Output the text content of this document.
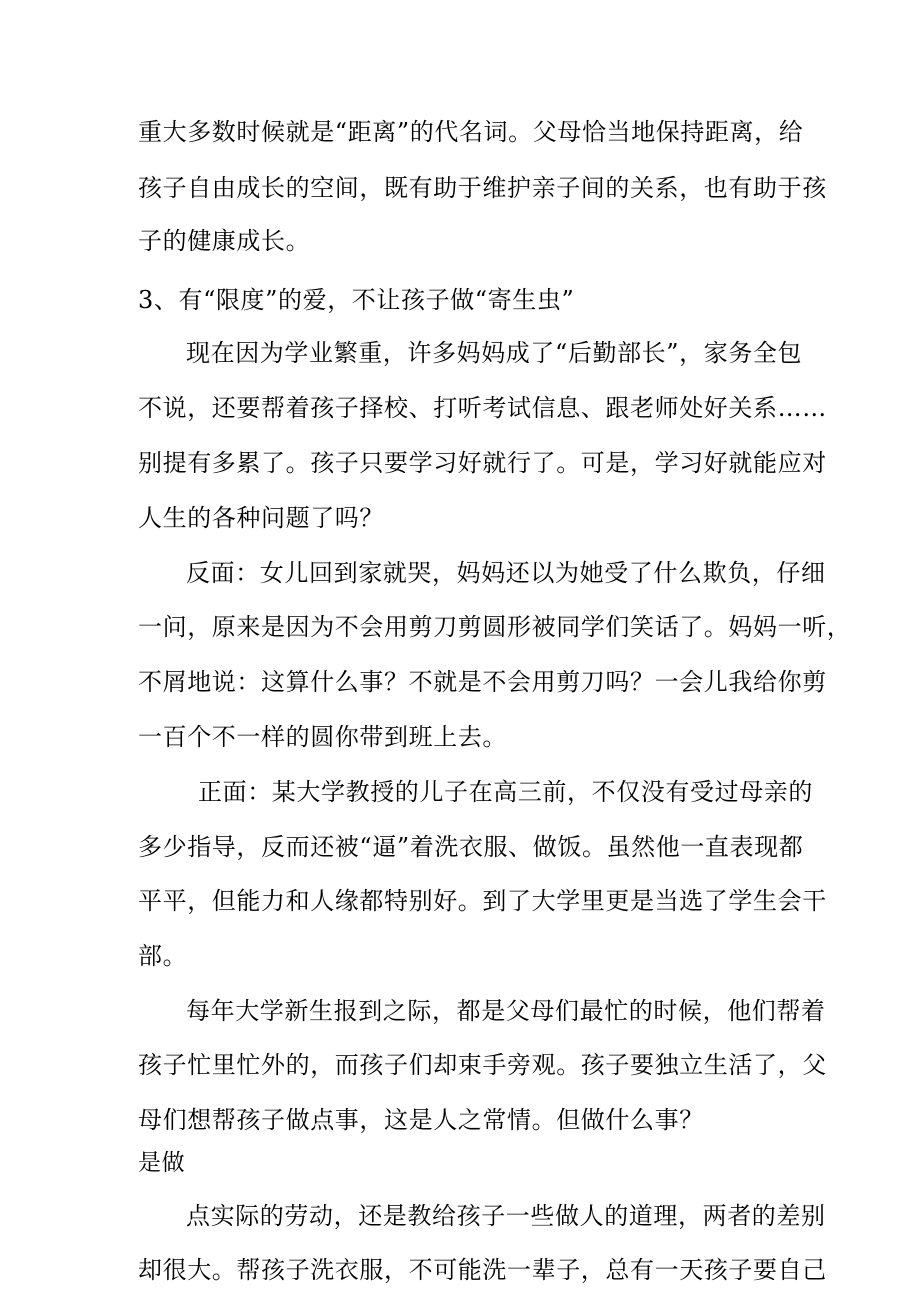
重大多数时候就是“距离”的代名词。父母恰当地保持距离，给
孩子自由成长的空间，既有助于维护亲子间的关系，也有助于孩
子的健康成长。
3、有“限度”的爱，不让孩子做“寄生虫”
现在因为学业繁重，许多妈妈成了“后勤部长”，家务全包
不说，还要帮着孩子择校、打听考试信息、跟老师处好关系……
别提有多累了。孩子只要学习好就行了。可是，学习好就能应对
人生的各种问题了吗？
反面：女儿回到家就哭，妈妈还以为她受了什么欺负，仔细
一问，原来是因为不会用剪刀剪圆形被同学们笑话了。妈妈一听，
不屑地说：这算什么事？不就是不会用剪刀吗？一会儿我给你剪
一百个不一样的圆你带到班上去。
正面：某大学教授的儿子在高三前，不仅没有受过母亲的
多少指导，反而还被“逼”着洗衣服、做饭。虽然他一直表现都
平平，但能力和人缘都特别好。到了大学里更是当选了学生会干
部。
每年大学新生报到之际，都是父母们最忙的时候，他们帮着
孩子忙里忙外的，而孩子们却束手旁观。孩子要独立生活了，父
母们想帮孩子做点事，这是人之常情。但做什么事？
是做
点实际的劳动，还是教给孩子一些做人的道理，两者的差别
却很大。帮孩子洗衣服，不可能洗一辈子，总有一天孩子要自己
